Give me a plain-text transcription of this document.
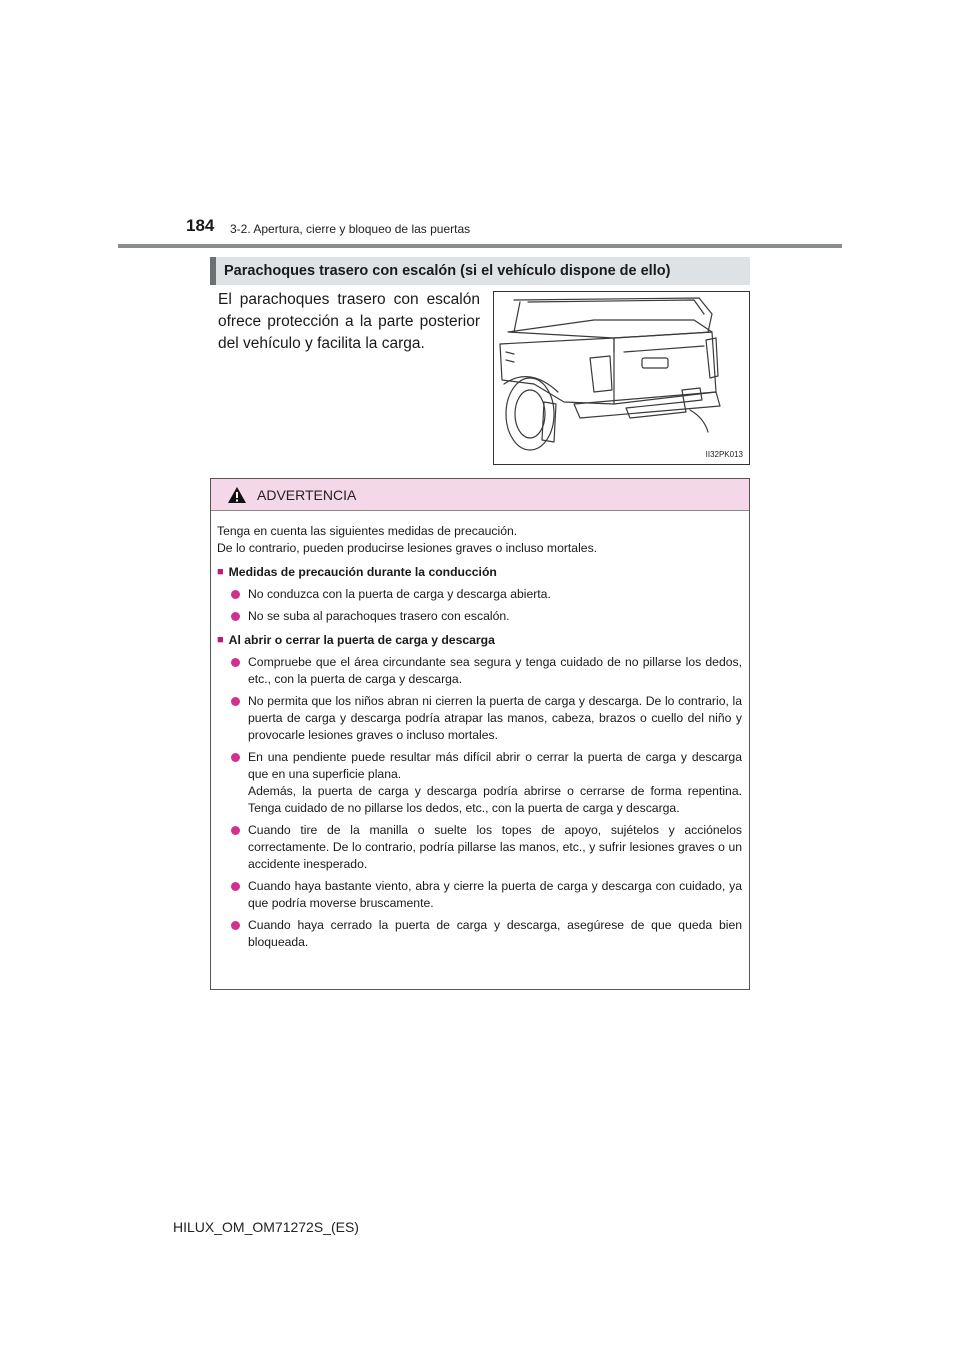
184 3-2. Apertura, cierre y bloqueo de las puertas
Parachoques trasero con escalón (si el vehículo dispone de ello)

El parachoques trasero con escalón ofrece protección a la parte posterior del vehículo y facilita la carga.

II32PK013
ADVERTENCIA

Tenga en cuenta las siguientes medidas de precaución.

De lo contrario, pueden producirse lesiones graves o incluso mortales.

■ Medidas de precaución durante la conducción
No conduzca con la puerta de carga y descarga abierta.
No se suba al parachoques trasero con escalón.
■ Al abrir o cerrar la puerta de carga y descarga
Compruebe que el área circundante sea segura y tenga cuidado de no pillarse los dedos, etc., con la puerta de carga y descarga.
No permita que los niños abran ni cierren la puerta de carga y descarga. De lo contrario, la puerta de carga y descarga podría atrapar las manos, cabeza, brazos o cuello del niño y provocarle lesiones graves o incluso mortales.
En una pendiente puede resultar más difícil abrir o cerrar la puerta de carga y descarga que en una superficie plana.
Además, la puerta de carga y descarga podría abrirse o cerrarse de forma repentina. Tenga cuidado de no pillarse los dedos, etc., con la puerta de carga y descarga.
Cuando tire de la manilla o suelte los topes de apoyo, sujételos y acciónelos correctamente. De lo contrario, podría pillarse las manos, etc., y sufrir lesiones graves o un accidente inesperado.
Cuando haya bastante viento, abra y cierre la puerta de carga y descarga con cuidado, ya que podría moverse bruscamente.
Cuando haya cerrado la puerta de carga y descarga, asegúrese de que queda bien bloqueada.
HILUX_OM_OM71272S_(ES)
